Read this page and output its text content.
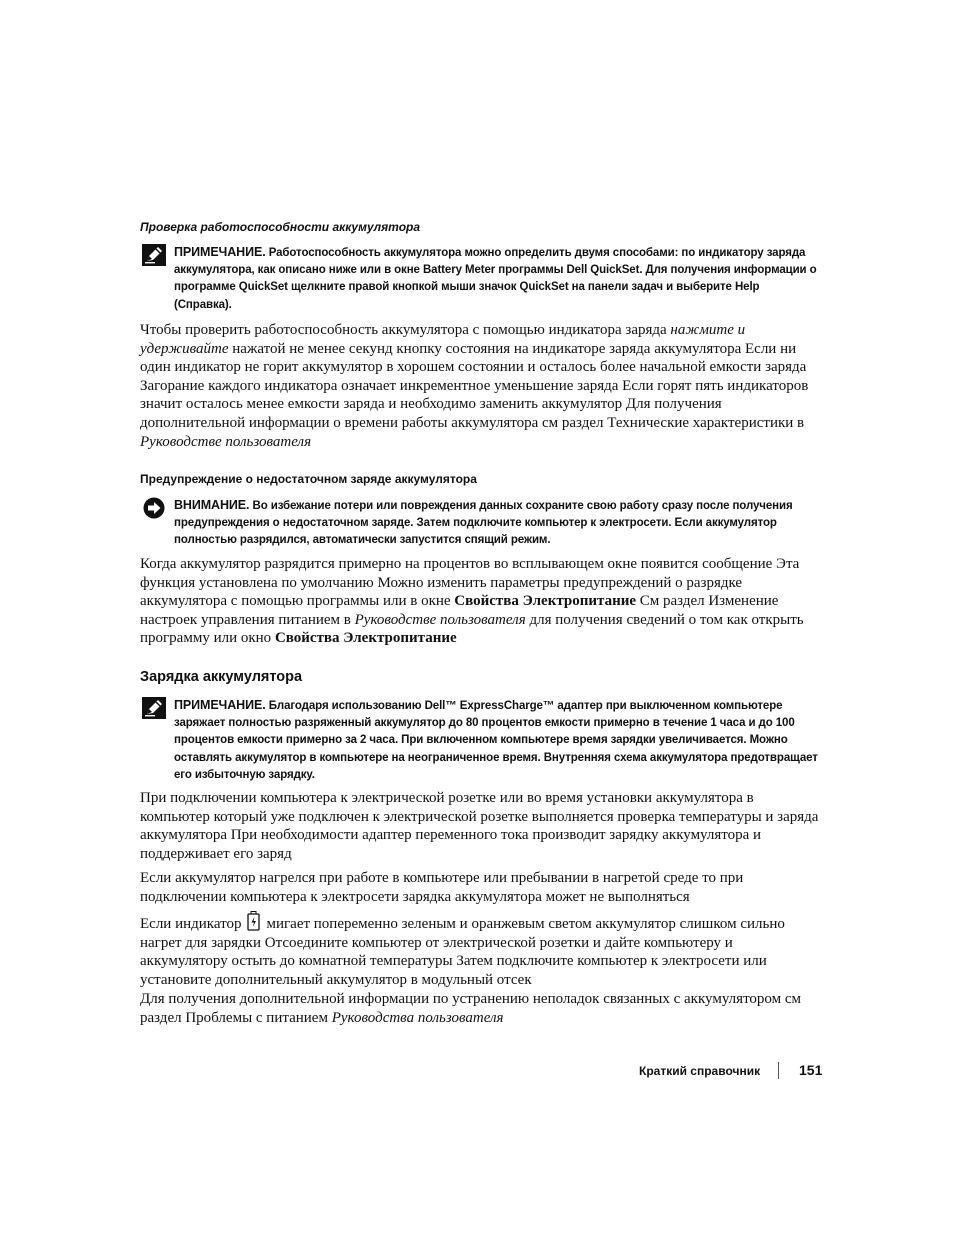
Проверка работоспособности аккумулятора
ПРИМЕЧАНИЕ. Работоспособность аккумулятора можно определить двумя способами: по индикатору заряда аккумулятора, как описано ниже или в окне Battery Meter программы Dell QuickSet. Для получения информации о программе QuickSet щелкните правой кнопкой мыши значок QuickSet на панели задач и выберите Help (Справка).
Чтобы проверить работоспособность аккумулятора с помощью индикатора заряда нажмите и удерживайте нажатой не менее секунд кнопку состояния на индикаторе заряда аккумулятора Если ни один индикатор не горит аккумулятор в хорошем состоянии и осталось более начальной емкости заряда Загорание каждого индикатора означает инкрементное уменьшение заряда Если горят пять индикаторов значит осталось менее емкости заряда и необходимо заменить аккумулятор Для получения дополнительной информации о времени работы аккумулятора см раздел Технические характеристики в Руководстве пользователя
Предупреждение о недостаточном заряде аккумулятора
ВНИМАНИЕ. Во избежание потери или повреждения данных сохраните свою работу сразу после получения предупреждения о недостаточном заряде. Затем подключите компьютер к электросети. Если аккумулятор полностью разрядился, автоматически запустится спящий режим.
Когда аккумулятор разрядится примерно на процентов во всплывающем окне появится сообщение Эта функция установлена по умолчанию Можно изменить параметры предупреждений о разрядке аккумулятора с помощью программы или в окне Свойства Электропитание См раздел Изменение настроек управления питанием в Руководстве пользователя для получения сведений о том как открыть программу или окно Свойства Электропитание
Зарядка аккумулятора
ПРИМЕЧАНИЕ. Благодаря использованию Dell™ ExpressCharge™ адаптер при выключенном компьютере заряжает полностью разряженный аккумулятор до 80 процентов емкости примерно в течение 1 часа и до 100 процентов емкости примерно за 2 часа. При включенном компьютере время зарядки увеличивается. Можно оставлять аккумулятор в компьютере на неограниченное время. Внутренняя схема аккумулятора предотвращает его избыточную зарядку.
При подключении компьютера к электрической розетке или во время установки аккумулятора в компьютер который уже подключен к электрической розетке выполняется проверка температуры и заряда аккумулятора При необходимости адаптер переменного тока производит зарядку аккумулятора и поддерживает его заряд
Если аккумулятор нагрелся при работе в компьютере или пребывании в нагретой среде то при подключении компьютера к электросети зарядка аккумулятора может не выполняться
Если индикатор мигает попеременно зеленым и оранжевым светом аккумулятор слишком сильно нагрет для зарядки Отсоедините компьютер от электрической розетки и дайте компьютеру и аккумулятору остыть до комнатной температуры Затем подключите компьютер к электросети или установите дополнительный аккумулятор в модульный отсек
Для получения дополнительной информации по устранению неполадок связанных с аккумулятором см раздел Проблемы с питанием Руководства пользователя
Краткий справочник	151
